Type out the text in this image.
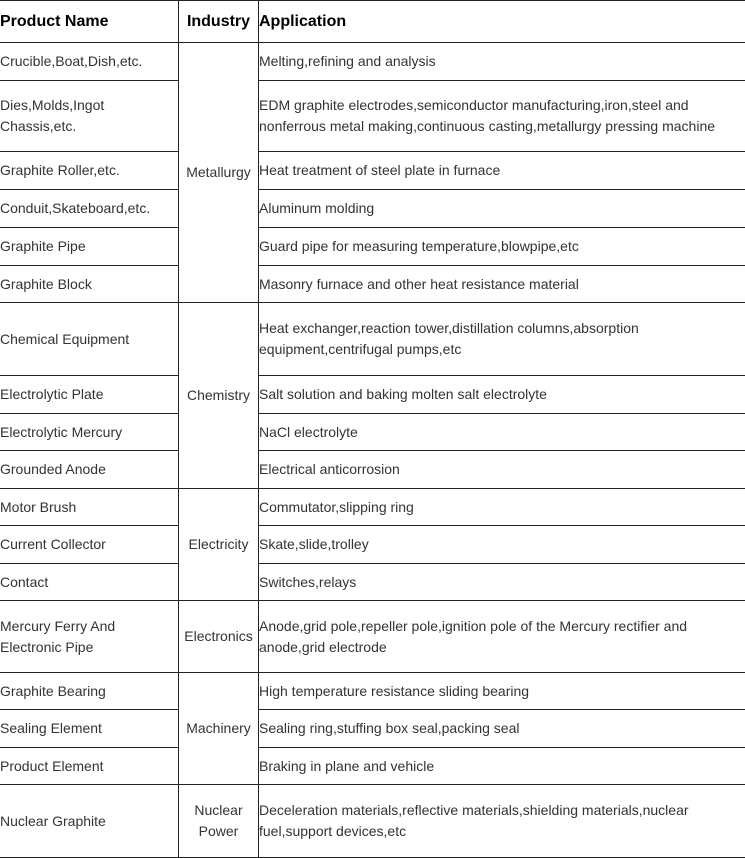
Product Name	Industry	Application
Crucible,Boat,Dish,etc.	Metallurgy	Melting,refining and analysis
Dies,Molds,Ingot Chassis,etc.		EDM graphite electrodes,semiconductor manufacturing,iron,steel and nonferrous metal making,continuous casting,metallurgy pressing machine
Graphite Roller,etc.		Heat treatment of steel plate in furnace
Conduit,Skateboard,etc.		Aluminum molding
Graphite Pipe		Guard pipe for measuring temperature,blowpipe,etc
Graphite Block		Masonry furnace and other heat resistance material
Chemical Equipment	Chemistry	Heat exchanger,reaction tower,distillation columns,absorption equipment,centrifugal pumps,etc
Electrolytic Plate		Salt solution and baking molten salt electrolyte
Electrolytic Mercury		NaCl electrolyte
Grounded Anode		Electrical anticorrosion
Motor Brush	Electricity	Commutator,slipping ring
Current Collector		Skate,slide,trolley
Contact		Switches,relays
Mercury Ferry And Electronic Pipe	Electronics	Anode,grid pole,repeller pole,ignition pole of the Mercury rectifier and anode,grid electrode
Graphite Bearing	Machinery	High temperature resistance sliding bearing
Sealing Element		Sealing ring,stuffing box seal,packing seal
Product Element		Braking in plane and vehicle
Nuclear Graphite	Nuclear Power	Deceleration materials,reflective materials,shielding materials,nuclear fuel,support devices,etc
